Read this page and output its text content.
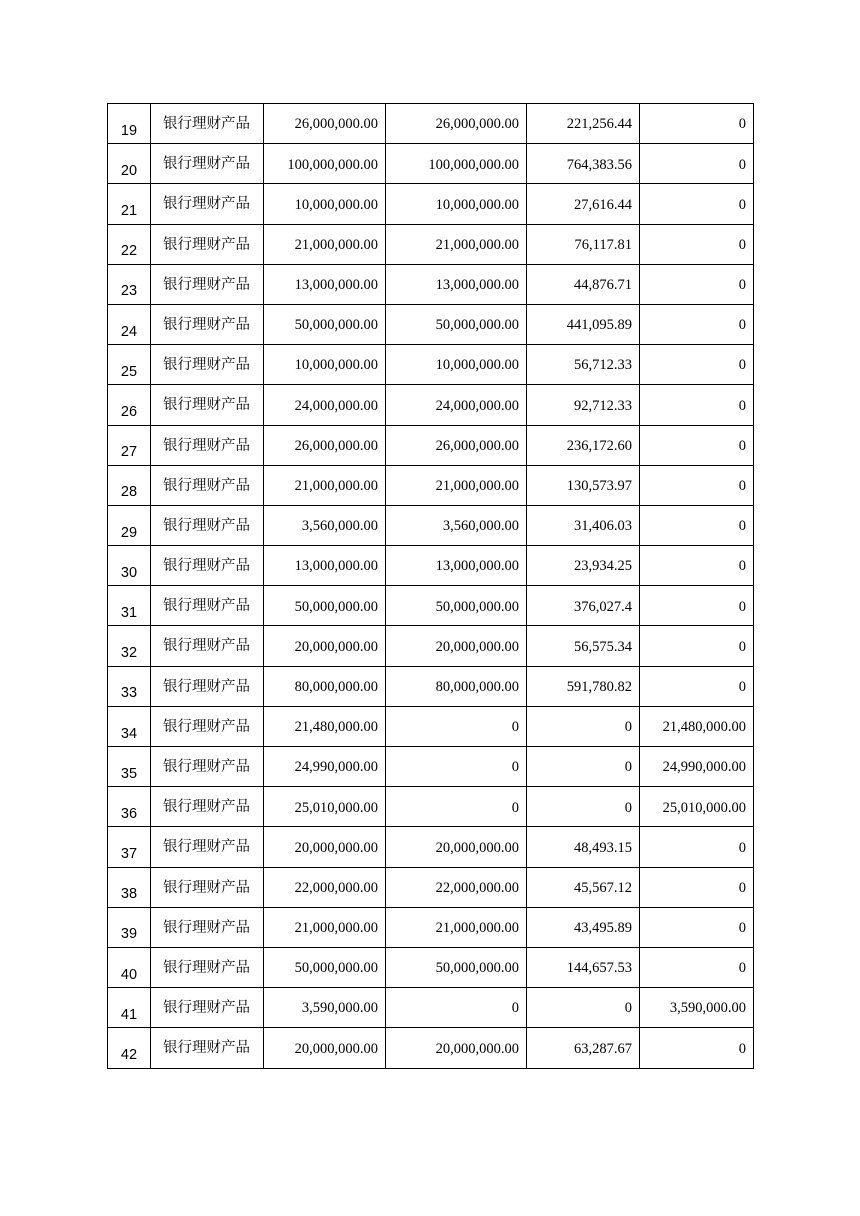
19	银行理财产品	26,000,000.00	26,000,000.00	221,256.44	0
20	银行理财产品	100,000,000.00	100,000,000.00	764,383.56	0
21	银行理财产品	10,000,000.00	10,000,000.00	27,616.44	0
22	银行理财产品	21,000,000.00	21,000,000.00	76,117.81	0
23	银行理财产品	13,000,000.00	13,000,000.00	44,876.71	0
24	银行理财产品	50,000,000.00	50,000,000.00	441,095.89	0
25	银行理财产品	10,000,000.00	10,000,000.00	56,712.33	0
26	银行理财产品	24,000,000.00	24,000,000.00	92,712.33	0
27	银行理财产品	26,000,000.00	26,000,000.00	236,172.60	0
28	银行理财产品	21,000,000.00	21,000,000.00	130,573.97	0
29	银行理财产品	3,560,000.00	3,560,000.00	31,406.03	0
30	银行理财产品	13,000,000.00	13,000,000.00	23,934.25	0
31	银行理财产品	50,000,000.00	50,000,000.00	376,027.4	0
32	银行理财产品	20,000,000.00	20,000,000.00	56,575.34	0
33	银行理财产品	80,000,000.00	80,000,000.00	591,780.82	0
34	银行理财产品	21,480,000.00	0	0	21,480,000.00
35	银行理财产品	24,990,000.00	0	0	24,990,000.00
36	银行理财产品	25,010,000.00	0	0	25,010,000.00
37	银行理财产品	20,000,000.00	20,000,000.00	48,493.15	0
38	银行理财产品	22,000,000.00	22,000,000.00	45,567.12	0
39	银行理财产品	21,000,000.00	21,000,000.00	43,495.89	0
40	银行理财产品	50,000,000.00	50,000,000.00	144,657.53	0
41	银行理财产品	3,590,000.00	0	0	3,590,000.00
42	银行理财产品	20,000,000.00	20,000,000.00	63,287.67	0
